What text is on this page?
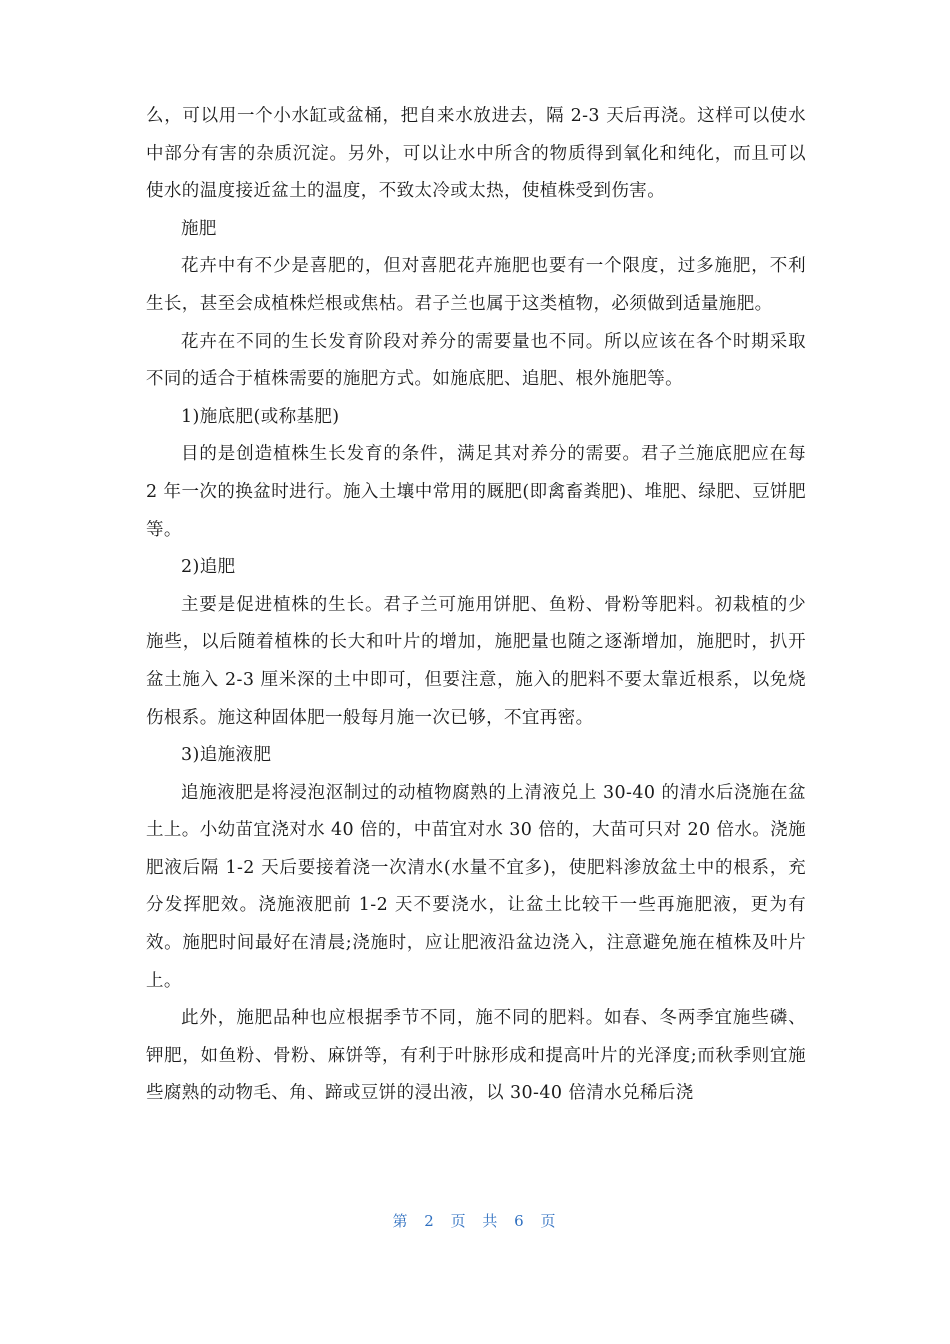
么，可以用一个小水缸或盆桶，把自来水放进去，隔 2-3 天后再浇。这样可以使水中部分有害的杂质沉淀。另外，可以让水中所含的物质得到氧化和纯化，而且可以使水的温度接近盆土的温度，不致太冷或太热，使植株受到伤害。

施肥

花卉中有不少是喜肥的，但对喜肥花卉施肥也要有一个限度，过多施肥，不利生长，甚至会成植株烂根或焦枯。君子兰也属于这类植物，必须做到适量施肥。

花卉在不同的生长发育阶段对养分的需要量也不同。所以应该在各个时期采取不同的适合于植株需要的施肥方式。如施底肥、追肥、根外施肥等。

1)施底肥(或称基肥)

目的是创造植株生长发育的条件，满足其对养分的需要。君子兰施底肥应在每 2 年一次的换盆时进行。施入土壤中常用的厩肥(即禽畜粪肥)、堆肥、绿肥、豆饼肥等。

2)追肥

主要是促进植株的生长。君子兰可施用饼肥、鱼粉、骨粉等肥料。初栽植的少施些，以后随着植株的长大和叶片的增加，施肥量也随之逐渐增加，施肥时，扒开盆土施入 2-3 厘米深的土中即可，但要注意，施入的肥料不要太靠近根系，以免烧伤根系。施这种固体肥一般每月施一次已够，不宜再密。

3)追施液肥

追施液肥是将浸泡沤制过的动植物腐熟的上清液兑上 30-40 的清水后浇施在盆土上。小幼苗宜浇对水 40 倍的，中苗宜对水 30 倍的，大苗可只对 20 倍水。浇施肥液后隔 1-2 天后要接着浇一次清水(水量不宜多)，使肥料渗放盆土中的根系，充分发挥肥效。浇施液肥前 1-2 天不要浇水，让盆土比较干一些再施肥液，更为有效。施肥时间最好在清晨;浇施时，应让肥液沿盆边浇入，注意避免施在植株及叶片上。

此外，施肥品种也应根据季节不同，施不同的肥料。如春、冬两季宜施些磷、钾肥，如鱼粉、骨粉、麻饼等，有利于叶脉形成和提高叶片的光泽度;而秋季则宜施些腐熟的动物毛、角、蹄或豆饼的浸出液，以 30-40 倍清水兑稀后浇

第 2 页 共 6 页
